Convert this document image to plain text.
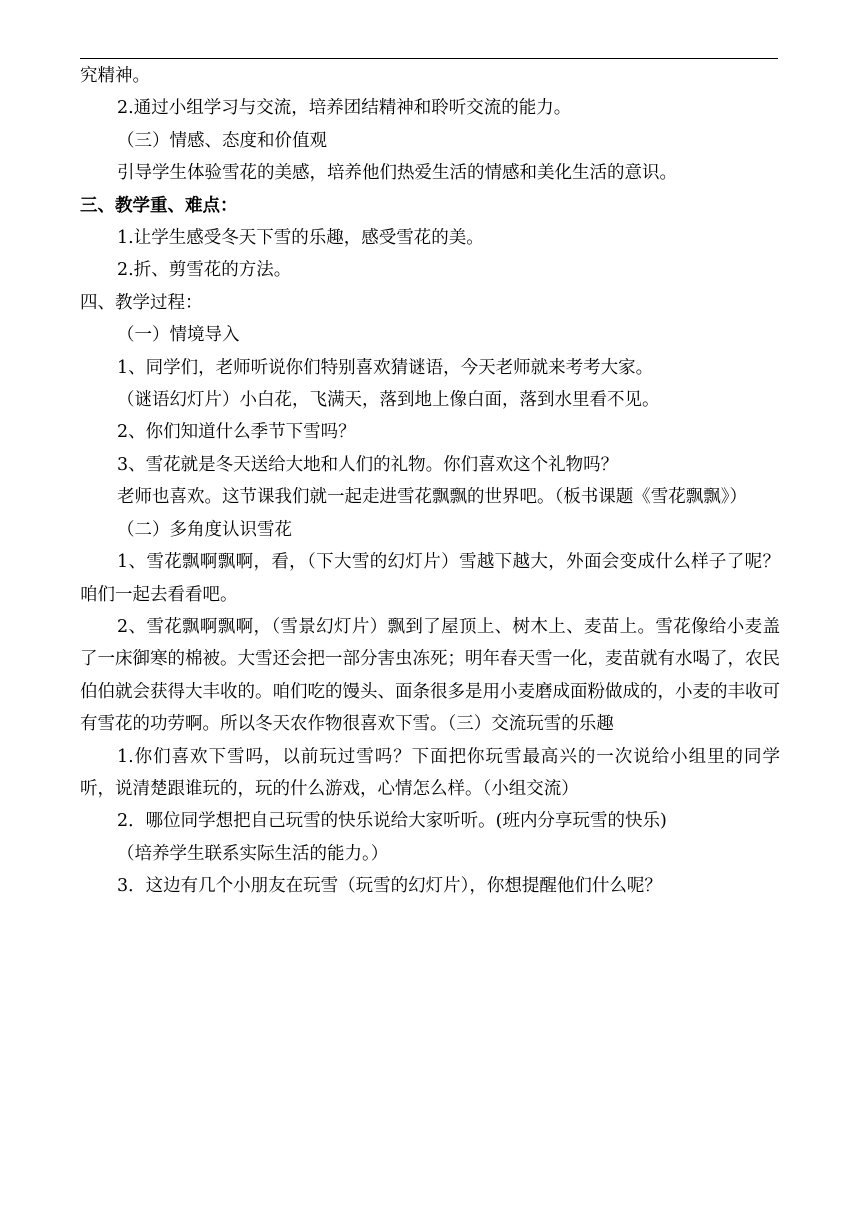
究精神。

2.通过小组学习与交流，培养团结精神和聆听交流的能力。

（三）情感、态度和价值观

引导学生体验雪花的美感，培养他们热爱生活的情感和美化生活的意识。

三、教学重、难点：

1.让学生感受冬天下雪的乐趣，感受雪花的美。

2.折、剪雪花的方法。

四、教学过程：

（一）情境导入

1、同学们，老师听说你们特别喜欢猜谜语，今天老师就来考考大家。

（谜语幻灯片）小白花，飞满天，落到地上像白面，落到水里看不见。

2、你们知道什么季节下雪吗？

3、雪花就是冬天送给大地和人们的礼物。你们喜欢这个礼物吗？

老师也喜欢。这节课我们就一起走进雪花飘飘的世界吧。（板书课题《雪花飘飘》）

（二）多角度认识雪花

1、雪花飘啊飘啊，看，（下大雪的幻灯片）雪越下越大，外面会变成什么样子了呢？咱们一起去看看吧。

2、雪花飘啊飘啊，（雪景幻灯片）飘到了屋顶上、树木上、麦苗上。雪花像给小麦盖了一床御寒的棉被。大雪还会把一部分害虫冻死；明年春天雪一化，麦苗就有水喝了，农民伯伯就会获得大丰收的。咱们吃的馒头、面条很多是用小麦磨成面粉做成的，小麦的丰收可有雪花的功劳啊。所以冬天农作物很喜欢下雪。（三）交流玩雪的乐趣

1.你们喜欢下雪吗，以前玩过雪吗？下面把你玩雪最高兴的一次说给小组里的同学听，说清楚跟谁玩的，玩的什么游戏，心情怎么样。（小组交流）

2．哪位同学想把自己玩雪的快乐说给大家听听。(班内分享玩雪的快乐)

（培养学生联系实际生活的能力。）

3．这边有几个小朋友在玩雪（玩雪的幻灯片），你想提醒他们什么呢？
